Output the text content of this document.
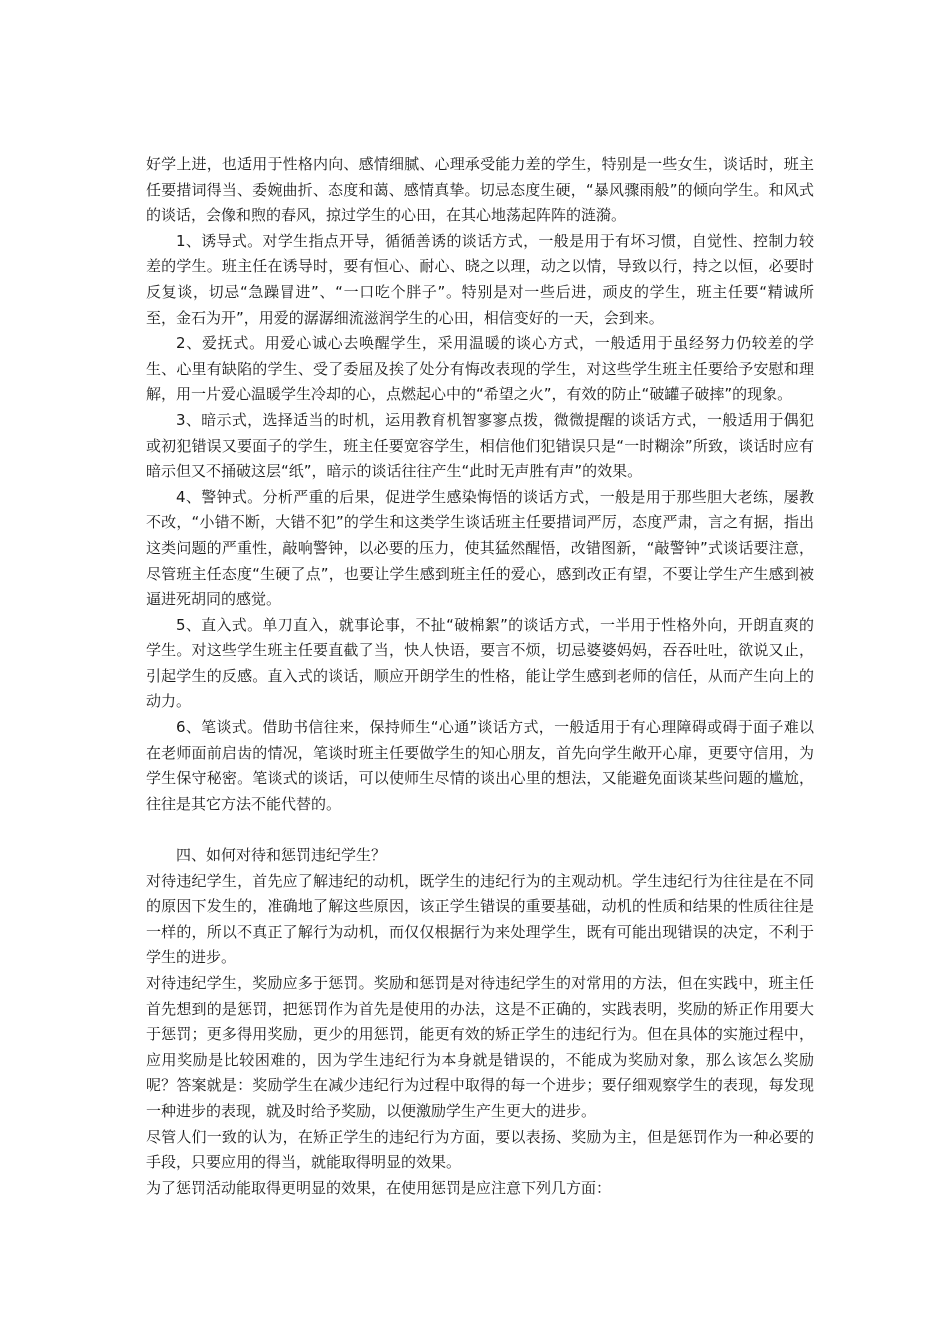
好学上进，也适用于性格内向、感情细腻、心理承受能力差的学生，特别是一些女生，谈话时，班主任要措词得当、委婉曲折、态度和蔼、感情真挚。切忌态度生硬，“暴风骤雨般”的倾向学生。和风式的谈话，会像和煦的春风，掠过学生的心田，在其心地荡起阵阵的涟漪。

1、诱导式。对学生指点开导，循循善诱的谈话方式，一般是用于有坏习惯，自觉性、控制力较差的学生。班主任在诱导时，要有恒心、耐心、晓之以理，动之以情，导致以行，持之以恒，必要时反复谈，切忌“急躁冒进”、“一口吃个胖子”。特别是对一些后进，顽皮的学生，班主任要“精诚所至，金石为开”，用爱的潺潺细流滋润学生的心田，相信变好的一天，会到来。

2、爱抚式。用爱心诚心去唤醒学生，采用温暖的谈心方式，一般适用于虽经努力仍较差的学生、心里有缺陷的学生、受了委屈及挨了处分有悔改表现的学生，对这些学生班主任要给予安慰和理解，用一片爱心温暖学生冷却的心，点燃起心中的“希望之火”，有效的防止“破罐子破摔”的现象。

3、暗示式，选择适当的时机，运用教育机智寥寥点拨，微微提醒的谈话方式，一般适用于偶犯或初犯错误又要面子的学生，班主任要宽容学生，相信他们犯错误只是“一时糊涂”所致，谈话时应有暗示但又不捅破这层“纸”，暗示的谈话往往产生“此时无声胜有声”的效果。

4、警钟式。分析严重的后果，促进学生感染悔悟的谈话方式，一般是用于那些胆大老练，屡教不改，“小错不断，大错不犯”的学生和这类学生谈话班主任要措词严厉，态度严肃，言之有据，指出这类问题的严重性，敲响警钟，以必要的压力，使其猛然醒悟，改错图新，“敲警钟”式谈话要注意，尽管班主任态度“生硬了点”，也要让学生感到班主任的爱心，感到改正有望，不要让学生产生感到被逼进死胡同的感觉。

5、直入式。单刀直入，就事论事，不扯“破棉絮”的谈话方式，一半用于性格外向，开朗直爽的学生。对这些学生班主任要直截了当，快人快语，要言不烦，切忌婆婆妈妈，吞吞吐吐，欲说又止，引起学生的反感。直入式的谈话，顺应开朗学生的性格，能让学生感到老师的信任，从而产生向上的动力。

6、笔谈式。借助书信往来，保持师生“心通”谈话方式，一般适用于有心理障碍或碍于面子难以在老师面前启齿的情况，笔谈时班主任要做学生的知心朋友，首先向学生敞开心扉，更要守信用，为学生保守秘密。笔谈式的谈话，可以使师生尽情的谈出心里的想法，又能避免面谈某些问题的尴尬，往往是其它方法不能代替的。

四、如何对待和惩罚违纪学生？

对待违纪学生，首先应了解违纪的动机，既学生的违纪行为的主观动机。学生违纪行为往往是在不同的原因下发生的，准确地了解这些原因，该正学生错误的重要基础，动机的性质和结果的性质往往是一样的，所以不真正了解行为动机，而仅仅根据行为来处理学生，既有可能出现错误的决定，不利于学生的进步。

对待违纪学生，奖励应多于惩罚。奖励和惩罚是对待违纪学生的对常用的方法，但在实践中，班主任首先想到的是惩罚，把惩罚作为首先是使用的办法，这是不正确的，实践表明，奖励的矫正作用要大于惩罚；更多得用奖励，更少的用惩罚，能更有效的矫正学生的违纪行为。但在具体的实施过程中，应用奖励是比较困难的，因为学生违纪行为本身就是错误的，不能成为奖励对象，那么该怎么奖励呢？答案就是：奖励学生在减少违纪行为过程中取得的每一个进步；要仔细观察学生的表现，每发现一种进步的表现，就及时给予奖励，以便激励学生产生更大的进步。

尽管人们一致的认为，在矫正学生的违纪行为方面，要以表扬、奖励为主，但是惩罚作为一种必要的手段，只要应用的得当，就能取得明显的效果。

为了惩罚活动能取得更明显的效果，在使用惩罚是应注意下列几方面：
